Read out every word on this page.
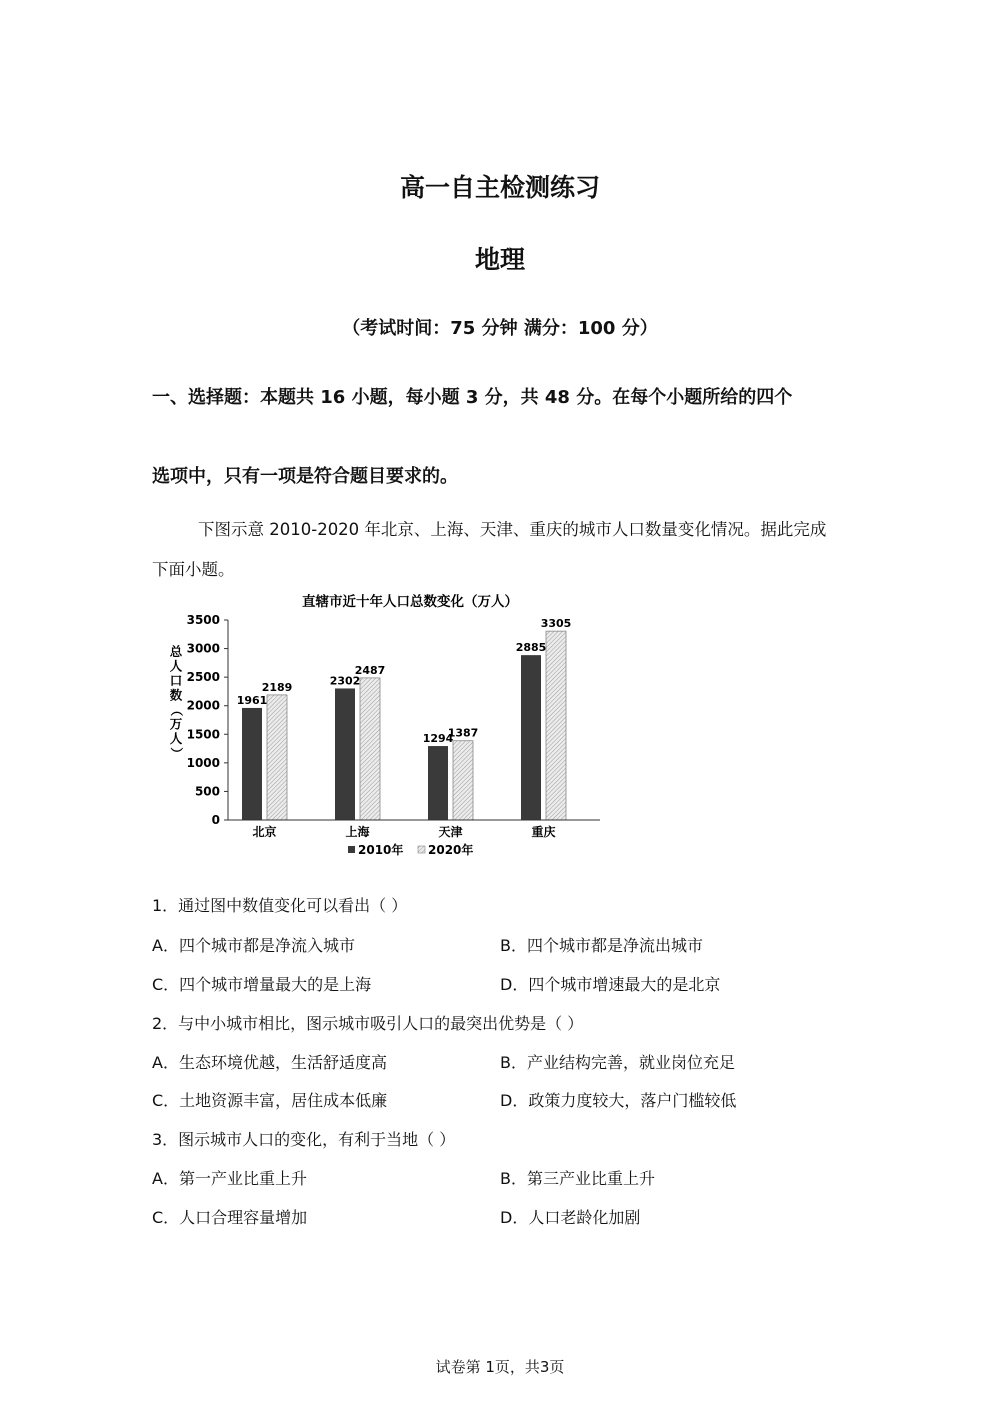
高一自主检测练习
地理
（考试时间：75 分钟 满分：100 分）
一、选择题：本题共 16 小题，每小题 3 分，共 48 分。在每个小题所给的四个
选项中，只有一项是符合题目要求的。
下图示意 2010-2020 年北京、上海、天津、重庆的城市人口数量变化情况。据此完成
下面小题。
直辖市近十年人口总数变化（万人）
总
人
口
数
（
万
人
）
0
500
1000
1500
2000
2500
3000
3500
1961
2189	2302
2487
1294
1387
2885
3305
北京	上海	天津	重庆
2010年 2020年
1．通过图中数值变化可以看出（ ）
A．四个城市都是净流入城市	B．四个城市都是净流出城市
C．四个城市增量最大的是上海	D．四个城市增速最大的是北京
2．与中小城市相比，图示城市吸引人口的最突出优势是（ ）
A．生态环境优越，生活舒适度高	B．产业结构完善，就业岗位充足
C．土地资源丰富，居住成本低廉	D．政策力度较大，落户门槛较低
3．图示城市人口的变化，有利于当地（ ）
A．第一产业比重上升	B．第三产业比重上升
C．人口合理容量增加	D．人口老龄化加剧
试卷第 1页，共3页
